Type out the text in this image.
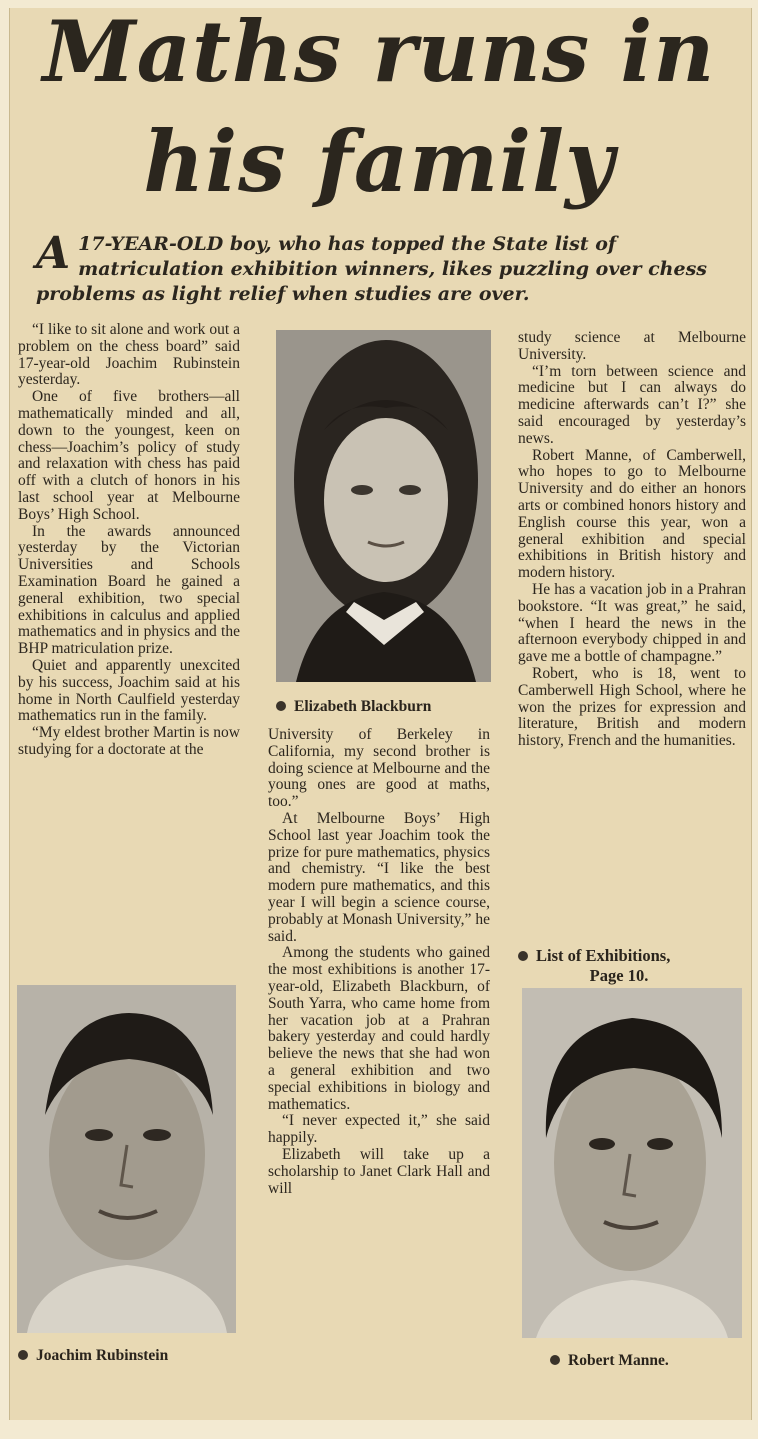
Maths runs in
his family
A 17-YEAR-OLD boy, who has topped the State list of matriculation exhibition winners, likes puzzling over chess problems as light relief when studies are over.

“I like to sit alone and work out a problem on the chess board” said 17-year-old Joachim Rubinstein yesterday.

One of five brothers—all mathematically minded and all, down to the youngest, keen on chess—Joachim’s policy of study and relaxation with chess has paid off with a clutch of honors in his last school year at Melbourne Boys’ High School.

In the awards announced yesterday by the Victorian Universities and Schools Examination Board he gained a general exhibition, two special exhibitions in calculus and applied mathematics and in physics and the BHP matriculation prize.

Quiet and apparently unexcited by his success, Joachim said at his home in North Caulfield yesterday mathematics run in the family.

“My eldest brother Martin is now studying for a doctorate at the

Elizabeth Blackburn

University of Berkeley in California, my second brother is doing science at Melbourne and the young ones are good at maths, too.”

At Melbourne Boys’ High School last year Joachim took the prize for pure mathematics, physics and chemistry. “I like the best modern pure mathematics, and this year I will begin a science course, probably at Monash University,” he said.

Among the students who gained the most exhibitions is another 17-year-old, Elizabeth Blackburn, of South Yarra, who came home from her vacation job at a Prahran bakery yesterday and could hardly believe the news that she had won a general exhibition and two special exhibitions in biology and mathematics.

“I never expected it,” she said happily.

Elizabeth will take up a scholarship to Janet Clark Hall and will

study science at Melbourne University.

“I’m torn between science and medicine but I can always do medicine afterwards can’t I?” she said encouraged by yesterday’s news.

Robert Manne, of Camberwell, who hopes to go to Melbourne University and do either an honors arts or combined honors history and English course this year, won a general exhibition and special exhibitions in British history and modern history.

He has a vacation job in a Prahran bookstore. “It was great,” he said, “when I heard the news in the afternoon everybody chipped in and gave me a bottle of champagne.”

Robert, who is 18, went to Camberwell High School, where he won the prizes for expression and literature, British and modern history, French and the humanities.

List of Exhibitions,
Page 10.
Joachim Rubinstein	Robert Manne.
